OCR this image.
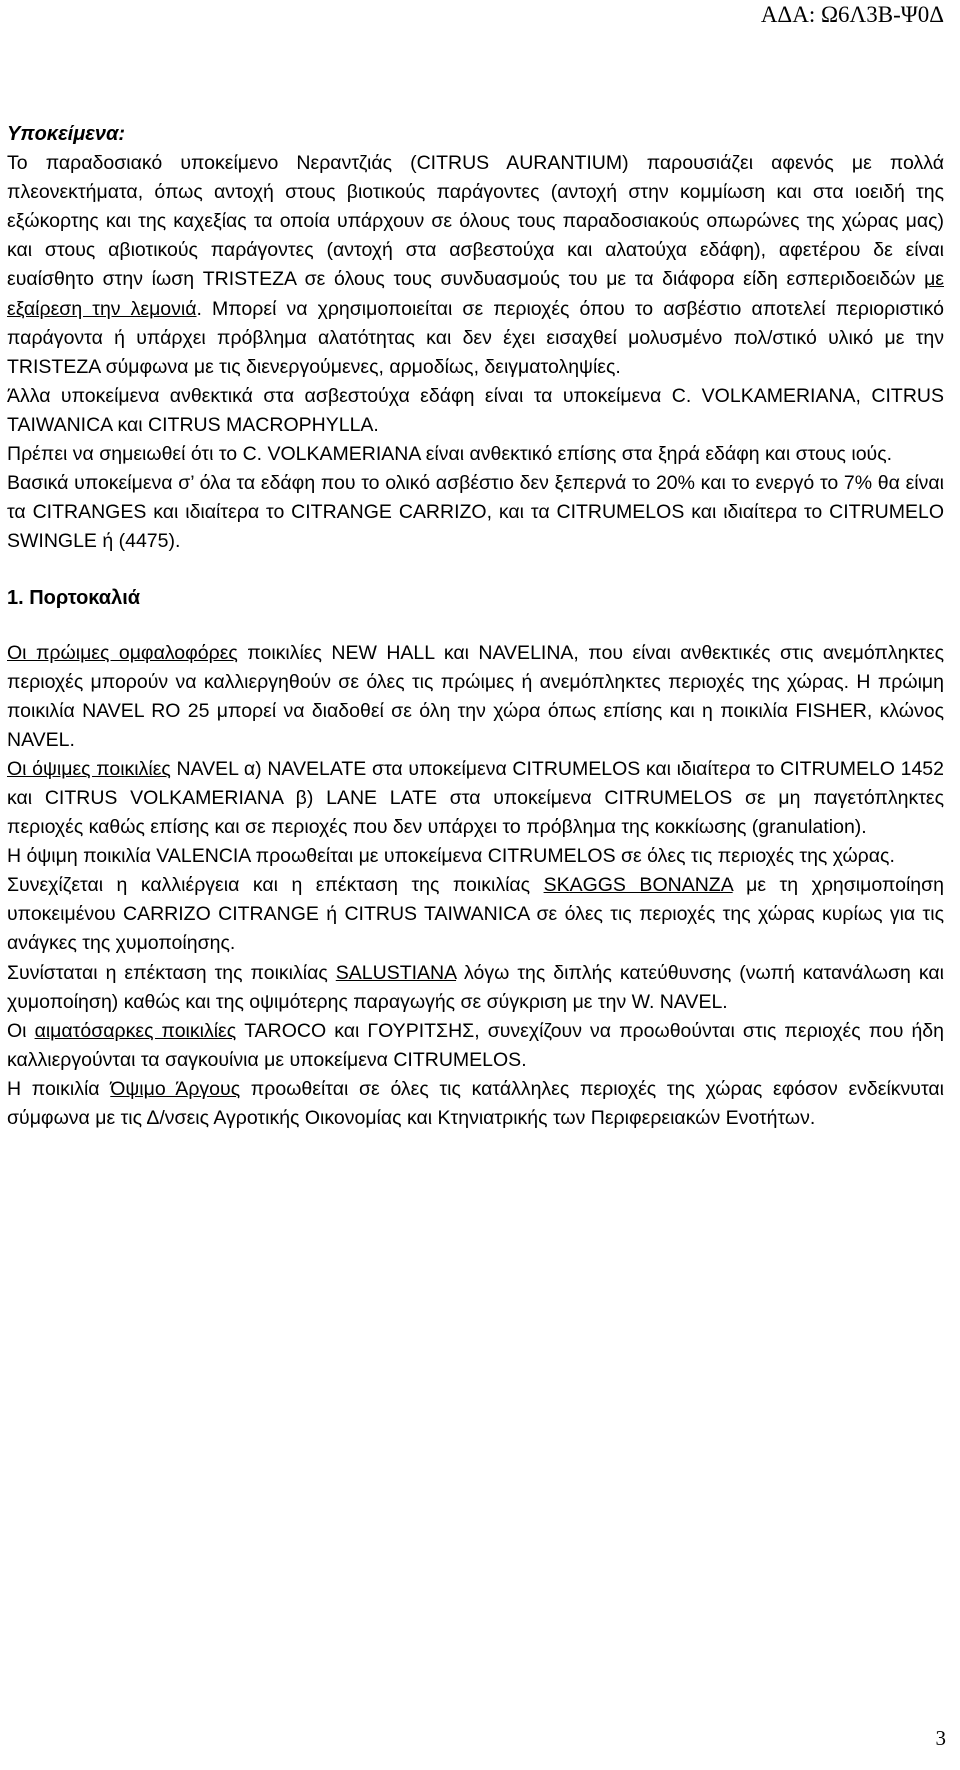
ΑΔΑ: Ω6Λ3Β-Ψ0Δ
Υποκείμενα:

Το παραδοσιακό υποκείμενο Νεραντζιάς (CITRUS AURANTIUM) παρουσιάζει αφενός με πολλά πλεονεκτήματα, όπως αντοχή στους βιοτικούς παράγοντες (αντοχή στην κομμίωση και στα ιοειδή της εξώκορτης και της καχεξίας τα οποία υπάρχουν σε όλους τους παραδοσιακούς οπωρώνες της χώρας μας) και στους αβιοτικούς παράγοντες (αντοχή στα ασβεστούχα και αλατούχα εδάφη), αφετέρου δε είναι ευαίσθητο στην ίωση TRISTEZA σε όλους τους συνδυασμούς του με τα διάφορα είδη εσπεριδοειδών με εξαίρεση την λεμονιά. Μπορεί να χρησιμοποιείται σε περιοχές όπου το ασβέστιο αποτελεί περιοριστικό παράγοντα ή υπάρχει πρόβλημα αλατότητας και δεν έχει εισαχθεί μολυσμένο πολ/στικό υλικό με την TRISTEZA σύμφωνα με τις διενεργούμενες, αρμοδίως, δειγματοληψίες.

Άλλα υποκείμενα ανθεκτικά στα ασβεστούχα εδάφη είναι τα υποκείμενα C. VOLKAMERIANA, CITRUS TAIWANICA και CITRUS MACROPHYLLA.

Πρέπει να σημειωθεί ότι το C. VOLKAMERIANA είναι ανθεκτικό επίσης στα ξηρά εδάφη και στους ιούς.

Βασικά υποκείμενα σ’ όλα τα εδάφη που το ολικό ασβέστιο δεν ξεπερνά το 20% και το ενεργό το 7% θα είναι τα CITRANGES και ιδιαίτερα το CITRANGE CARRIZO, και τα CITRUMELOS και ιδιαίτερα το CITRUMELO SWINGLE ή (4475).

1. Πορτοκαλιά

Οι πρώιμες ομφαλοφόρες ποικιλίες NEW HALL και NAVELINA, που είναι ανθεκτικές στις ανεμόπληκτες περιοχές μπορούν να καλλιεργηθούν σε όλες τις πρώιμες ή ανεμόπληκτες περιοχές της χώρας. Η πρώιμη ποικιλία NAVEL RO 25 μπορεί να διαδοθεί σε όλη την χώρα όπως επίσης και η ποικιλία FISHER, κλώνος NAVEL.

Οι όψιμες ποικιλίες NAVEL α) NAVELATE στα υποκείμενα CITRUMELOS και ιδιαίτερα το CITRUMELO 1452 και CITRUS VOLKAMERIANA β) LANE LATE στα υποκείμενα CITRUMELOS σε μη παγετόπληκτες περιοχές καθώς επίσης και σε περιοχές που δεν υπάρχει το πρόβλημα της κοκκίωσης (granulation).

Η όψιμη ποικιλία VALENCIA προωθείται με υποκείμενα CITRUMELOS σε όλες τις περιοχές της χώρας.

Συνεχίζεται η καλλιέργεια και η επέκταση της ποικιλίας SKAGGS BONANZA με τη χρησιμοποίηση υποκειμένου CARRIZO CITRANGE ή CITRUS TAIWANICA σε όλες τις περιοχές της χώρας κυρίως για τις ανάγκες της χυμοποίησης.

Συνίσταται η επέκταση της ποικιλίας SALUSTIANA λόγω της διπλής κατεύθυνσης (νωπή κατανάλωση και χυμοποίηση) καθώς και της οψιμότερης παραγωγής σε σύγκριση με την W. NAVEL.

Οι αιματόσαρκες ποικιλίες TAROCO και ΓΟΥΡΙΤΣΗΣ, συνεχίζουν να προωθούνται στις περιοχές που ήδη καλλιεργούνται τα σαγκουίνια με υποκείμενα CITRUMELOS.

Η ποικιλία Όψιμο Άργους προωθείται σε όλες τις κατάλληλες περιοχές της χώρας εφόσον ενδείκνυται σύμφωνα με τις Δ/νσεις Αγροτικής Οικονομίας και Κτηνιατρικής των Περιφερειακών Ενοτήτων.

3
